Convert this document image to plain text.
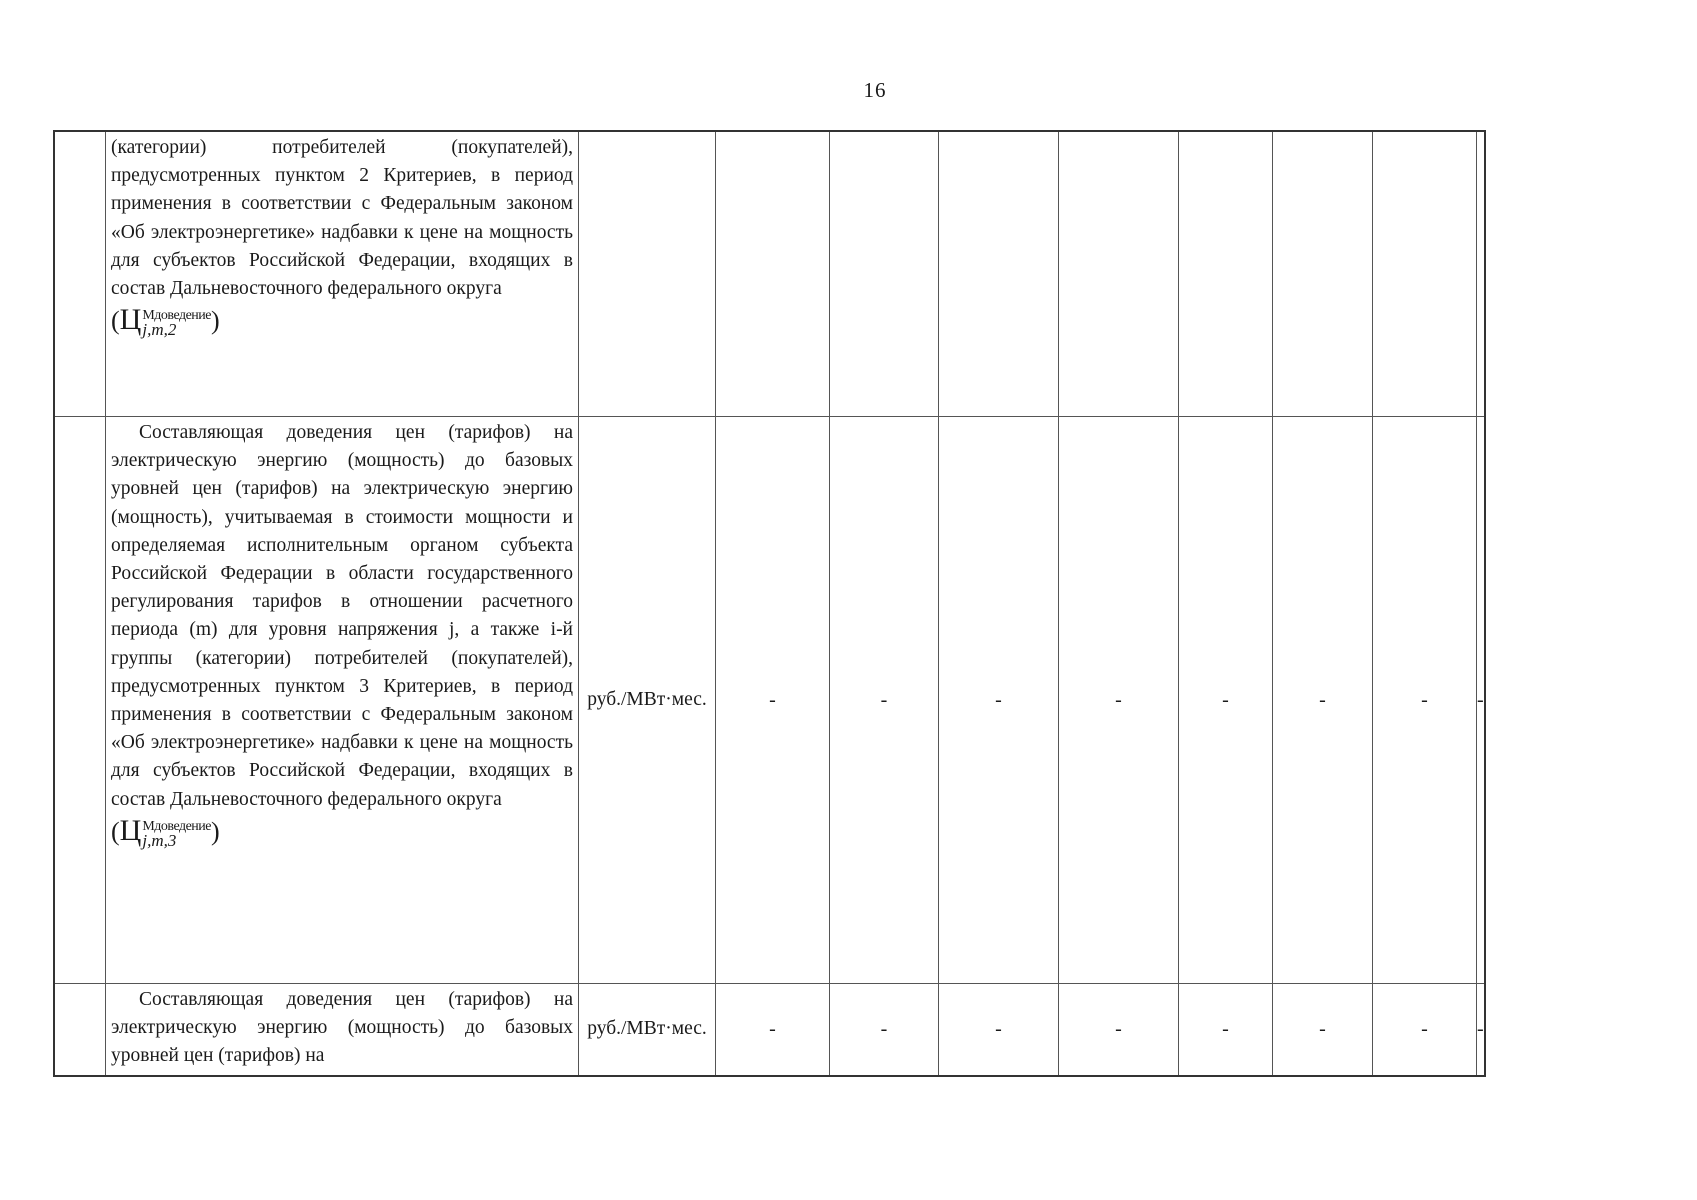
16
	(категории) потребителей (покупателей), предусмотренных пунктом 2 Критериев, в период применения в соответствии с Федеральным законом «Об электроэнергетике» надбавки к цене на мощность для субъектов Российской Федерации, входящих в состав Дальневосточного федерального округа
(Ц Мдоведение
j,m,2 )									

	Составляющая доведения цен (тарифов) на электрическую энергию (мощность) до базовых уровней цен (тарифов) на электрическую энергию (мощность), учитываемая в стоимости мощности и определяемая исполнительным органом субъекта Российской Федерации в области государственного регулирования тарифов в отношении расчетного периода (m) для уровня напряжения j, а также i-й группы (категории) потребителей (покупателей), предусмотренных пунктом 3 Критериев, в период применения в соответствии с Федеральным законом «Об электроэнергетике» надбавки к цене на мощность для субъектов Российской Федерации, входящих в состав Дальневосточного федерального округа
(Ц Мдоведение
j,m,3 )	руб./МВт·мес.	-	-	-	-	-	-	-	-
	Составляющая доведения цен (тарифов) на электрическую энергию (мощность) до базовых уровней цен (тарифов) на	руб./МВт·мес.	-	-	-	-	-	-	-	-
